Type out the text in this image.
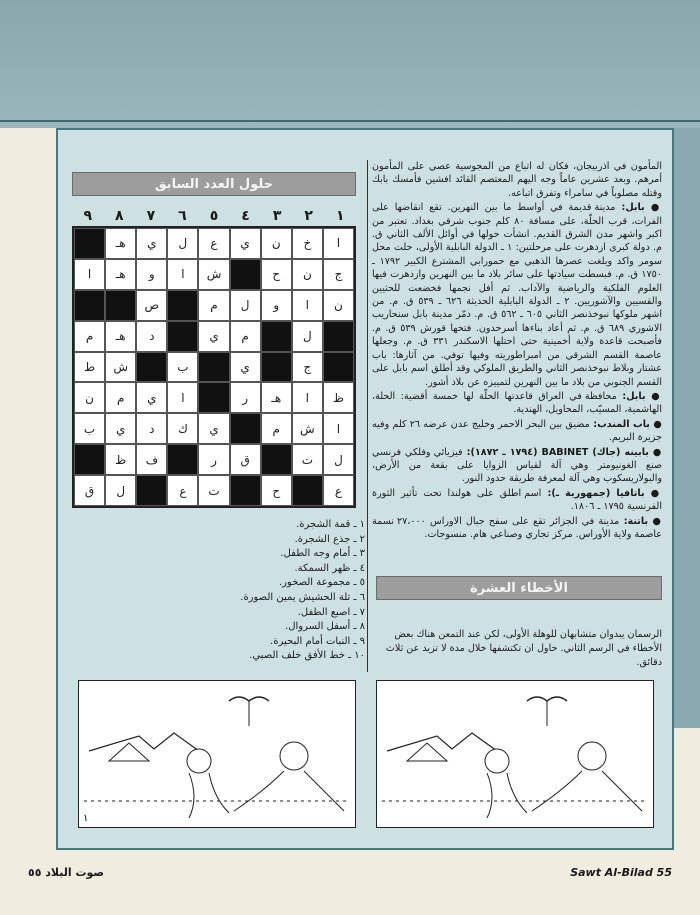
حلول العدد السابق
١
٢
٣
٤
٥
٦
٧
٨
٩
ا
خ
ن
ي
ع
ل
ي
هـ
ج
ن
ح
ش
ا
و
هـ
ا
ن
ا
و
ل
م
ص
ل
م
ي
د
هـ
م
ج
ي
ب
ش
ط
ظ
ا
هـ
ر
ا
ي
م
ن
ا
ش
م
ي
ك
د
ي
ب
ل
ت
ق
ر
ف
ظ
ع
ح
ت
ع
ل
ق
١ ـ قمة الشجرة.
٢ ـ جذع الشجرة.
٣ ـ أمام وجه الطفل.
٤ ـ ظهر السمكة.
٥ ـ مجموعة الصخور.
٦ ـ تلة الحشيش يمين الصورة.
٧ ـ اصبع الطفل.
٨ ـ أسفل السروال.
٩ ـ النبات أمام البحيرة.
١٠ ـ خط الأفق خلف الصبي.

المأمون في اذربيجان، فكان له اتباع من المجوسية عصي على المأمون أمرهم. وبعد عشرين عاماً وجه اليهم المعتصم القائد افشين فأمسك بابك وقتله مصلوباً في سامراء وتفرق اتباعه.

● بابل: مدينة قديمة في أواسط ما بين النهرين. تقع انقاضها على الفرات، قرب الحلّة، على مسافة ٨٠ كلم جنوب شرقي بغداد. تعتبر من اكبر واشهر مدن الشرق القديم. انشأت حولها في أوائل الألف الثاني ق. م. دولة كبرى ازدهرت على مرحلتين: ١ ـ الدولة البابلية الأولى، حلت محل سومر واكد وبلغت عصرها الذهبي مع حمورابي المشترع الكبير ١٧٩٢ ـ ١٧٥٠ ق. م. فبسطت سيادتها على سائر بلاد ما بين النهرين وازدهرت فيها العلوم الفلكية والرياضية والآداب. ثم أفل نجمها فخضعت للحثيين والقسيين والآشوريين. ٢ ـ الدولة البابلية الحديثة ٦٢٦ ـ ٥٣٩ ق. م. من اشهر ملوكها نبوخذنصر الثاني ٦٠٥ ـ ٥٦٢ ق. م. دمّر مدينة بابل سنحاريب الاشوري ٦٨٩ ق. م. ثم أعاد بناءها أسرحدون. فتحها قورش ٥٣٩ ق. م. فأصبحت قاعدة ولاية أخمينية حتى احتلها الاسكندر ٣٣١ ق. م. وجعلها عاصمة القسم الشرقي من امبراطوريته وفيها توفي. من آثارها: باب عشتار وبلاط نبوخذنصر الثاني والطريق الملوكي وقد أطلق اسم بابل على القسم الجنوبي من بلاد ما بين النهرين لتمييزه عن بلاد أشور.

● بابل: محافظة في العراق قاعدتها الحلّة لها خمسة أقضية: الحلة، الهاشمية، المسيّب، المحاويل، الهندية.

● باب المندب: مضيق بين البحر الاحمر وخليج عدن عرضه ٢٦ كلم وفيه جزيرة البريم.

● بابينه (جاك) BABINET (١٧٩٤ ـ ١٨٧٢): فيزيائي وفلكي فرنسي صنع الغونيومتر وهي آلة لقياس الزوايا على بقعة من الأرض، والبولاريسكوب وهي آلة لمعرفة طريقة حدود النور.

● باتافيا (جمهورية ـ): اسم اطلق على هولندا تحت تأثير الثورة الفرنسية ١٧٩٥ ـ ١٨٠٦.

● باتنة: مدينة في الجزائر تقع على سفح جبال الاوراس ٢٧،٠٠٠ نسمة عاصمة ولاية الأوراس. مركز تجاري وصناعي هام. منسوجات.

الأخطاء العشرة
الرسمان يبدوان متشابهان للوهلة الأولى، لكن عند التمعن هناك بعض الأخطاء في الرسم الثاني. حاول ان تكتشفها خلال مدة لا تزيد عن ثلاث دقائق.
١
صوت البلاد ٥٥	Sawt Al-Bilad 55
